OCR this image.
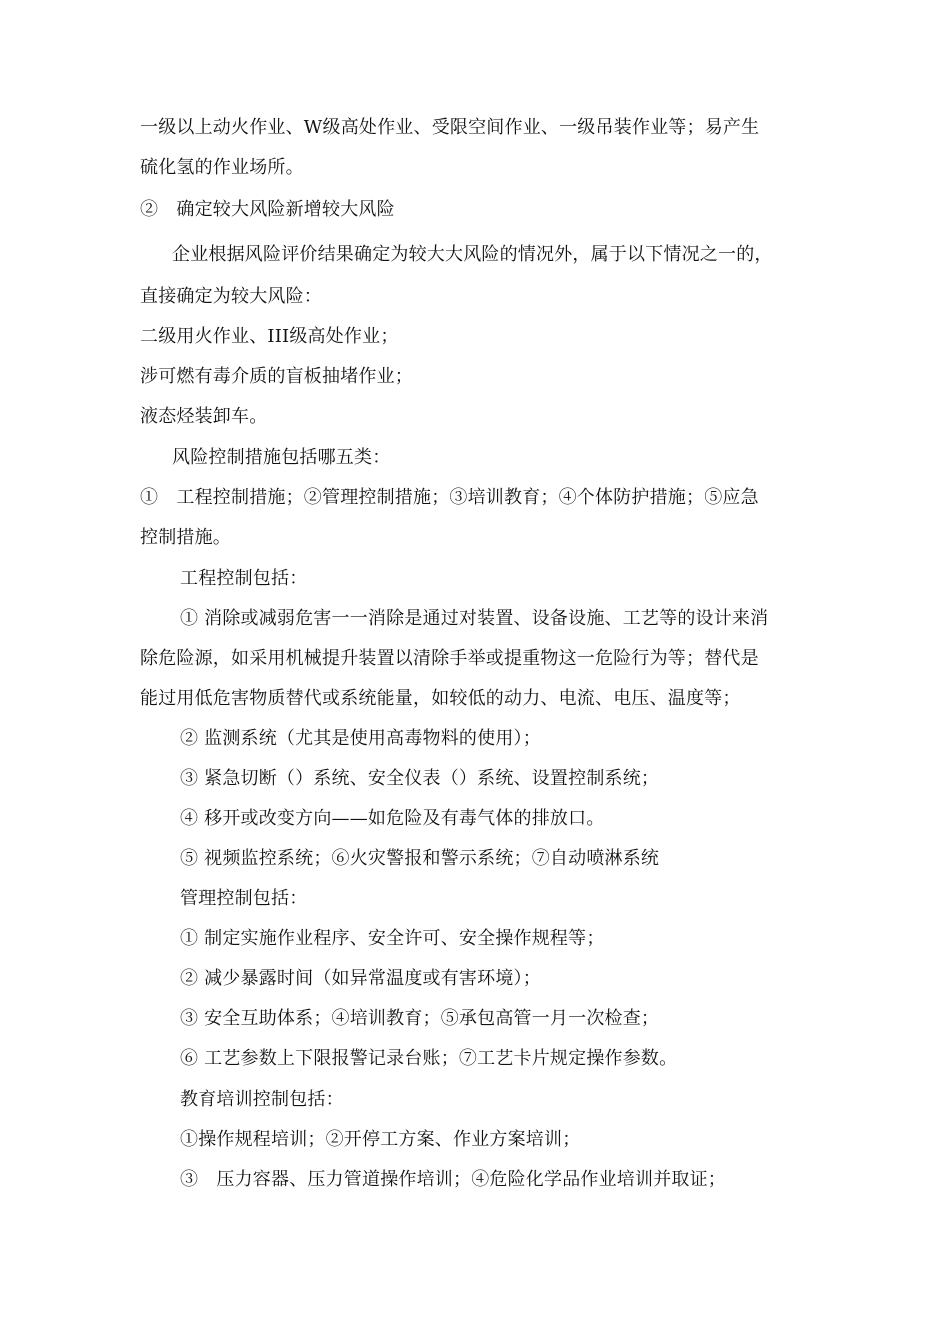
一级以上动火作业、W级高处作业、受限空间作业、一级吊装作业等；易产生
硫化氢的作业场所。
②　确定较大风险新增较大风险
企业根据风险评价结果确定为较大大风险的情况外，属于以下情况之一的，
直接确定为较大风险：
二级用火作业、III级高处作业；
涉可燃有毒介质的盲板抽堵作业；
液态烃装卸车。
风险控制措施包括哪五类：
①　工程控制措施；②管理控制措施；③培训教育；④个体防护措施；⑤应急
控制措施。
工程控制包括：
① 消除或减弱危害一一消除是通过对装置、设备设施、工艺等的设计来消
除危险源，如采用机械提升装置以清除手举或提重物这一危险行为等；替代是
能过用低危害物质替代或系统能量，如较低的动力、电流、电压、温度等；
② 监测系统（尤其是使用高毒物料的使用）；
③ 紧急切断（）系统、安全仪表（）系统、设置控制系统；
④ 移开或改变方向——如危险及有毒气体的排放口。
⑤ 视频监控系统；⑥火灾警报和警示系统；⑦自动喷淋系统
管理控制包括：
① 制定实施作业程序、安全许可、安全操作规程等；
② 减少暴露时间（如异常温度或有害环境）；
③ 安全互助体系；④培训教育；⑤承包高管一月一次检查；
⑥ 工艺参数上下限报警记录台账；⑦工艺卡片规定操作参数。
教育培训控制包括：
①操作规程培训；②开停工方案、作业方案培训；
③　压力容器、压力管道操作培训；④危险化学品作业培训并取证；
